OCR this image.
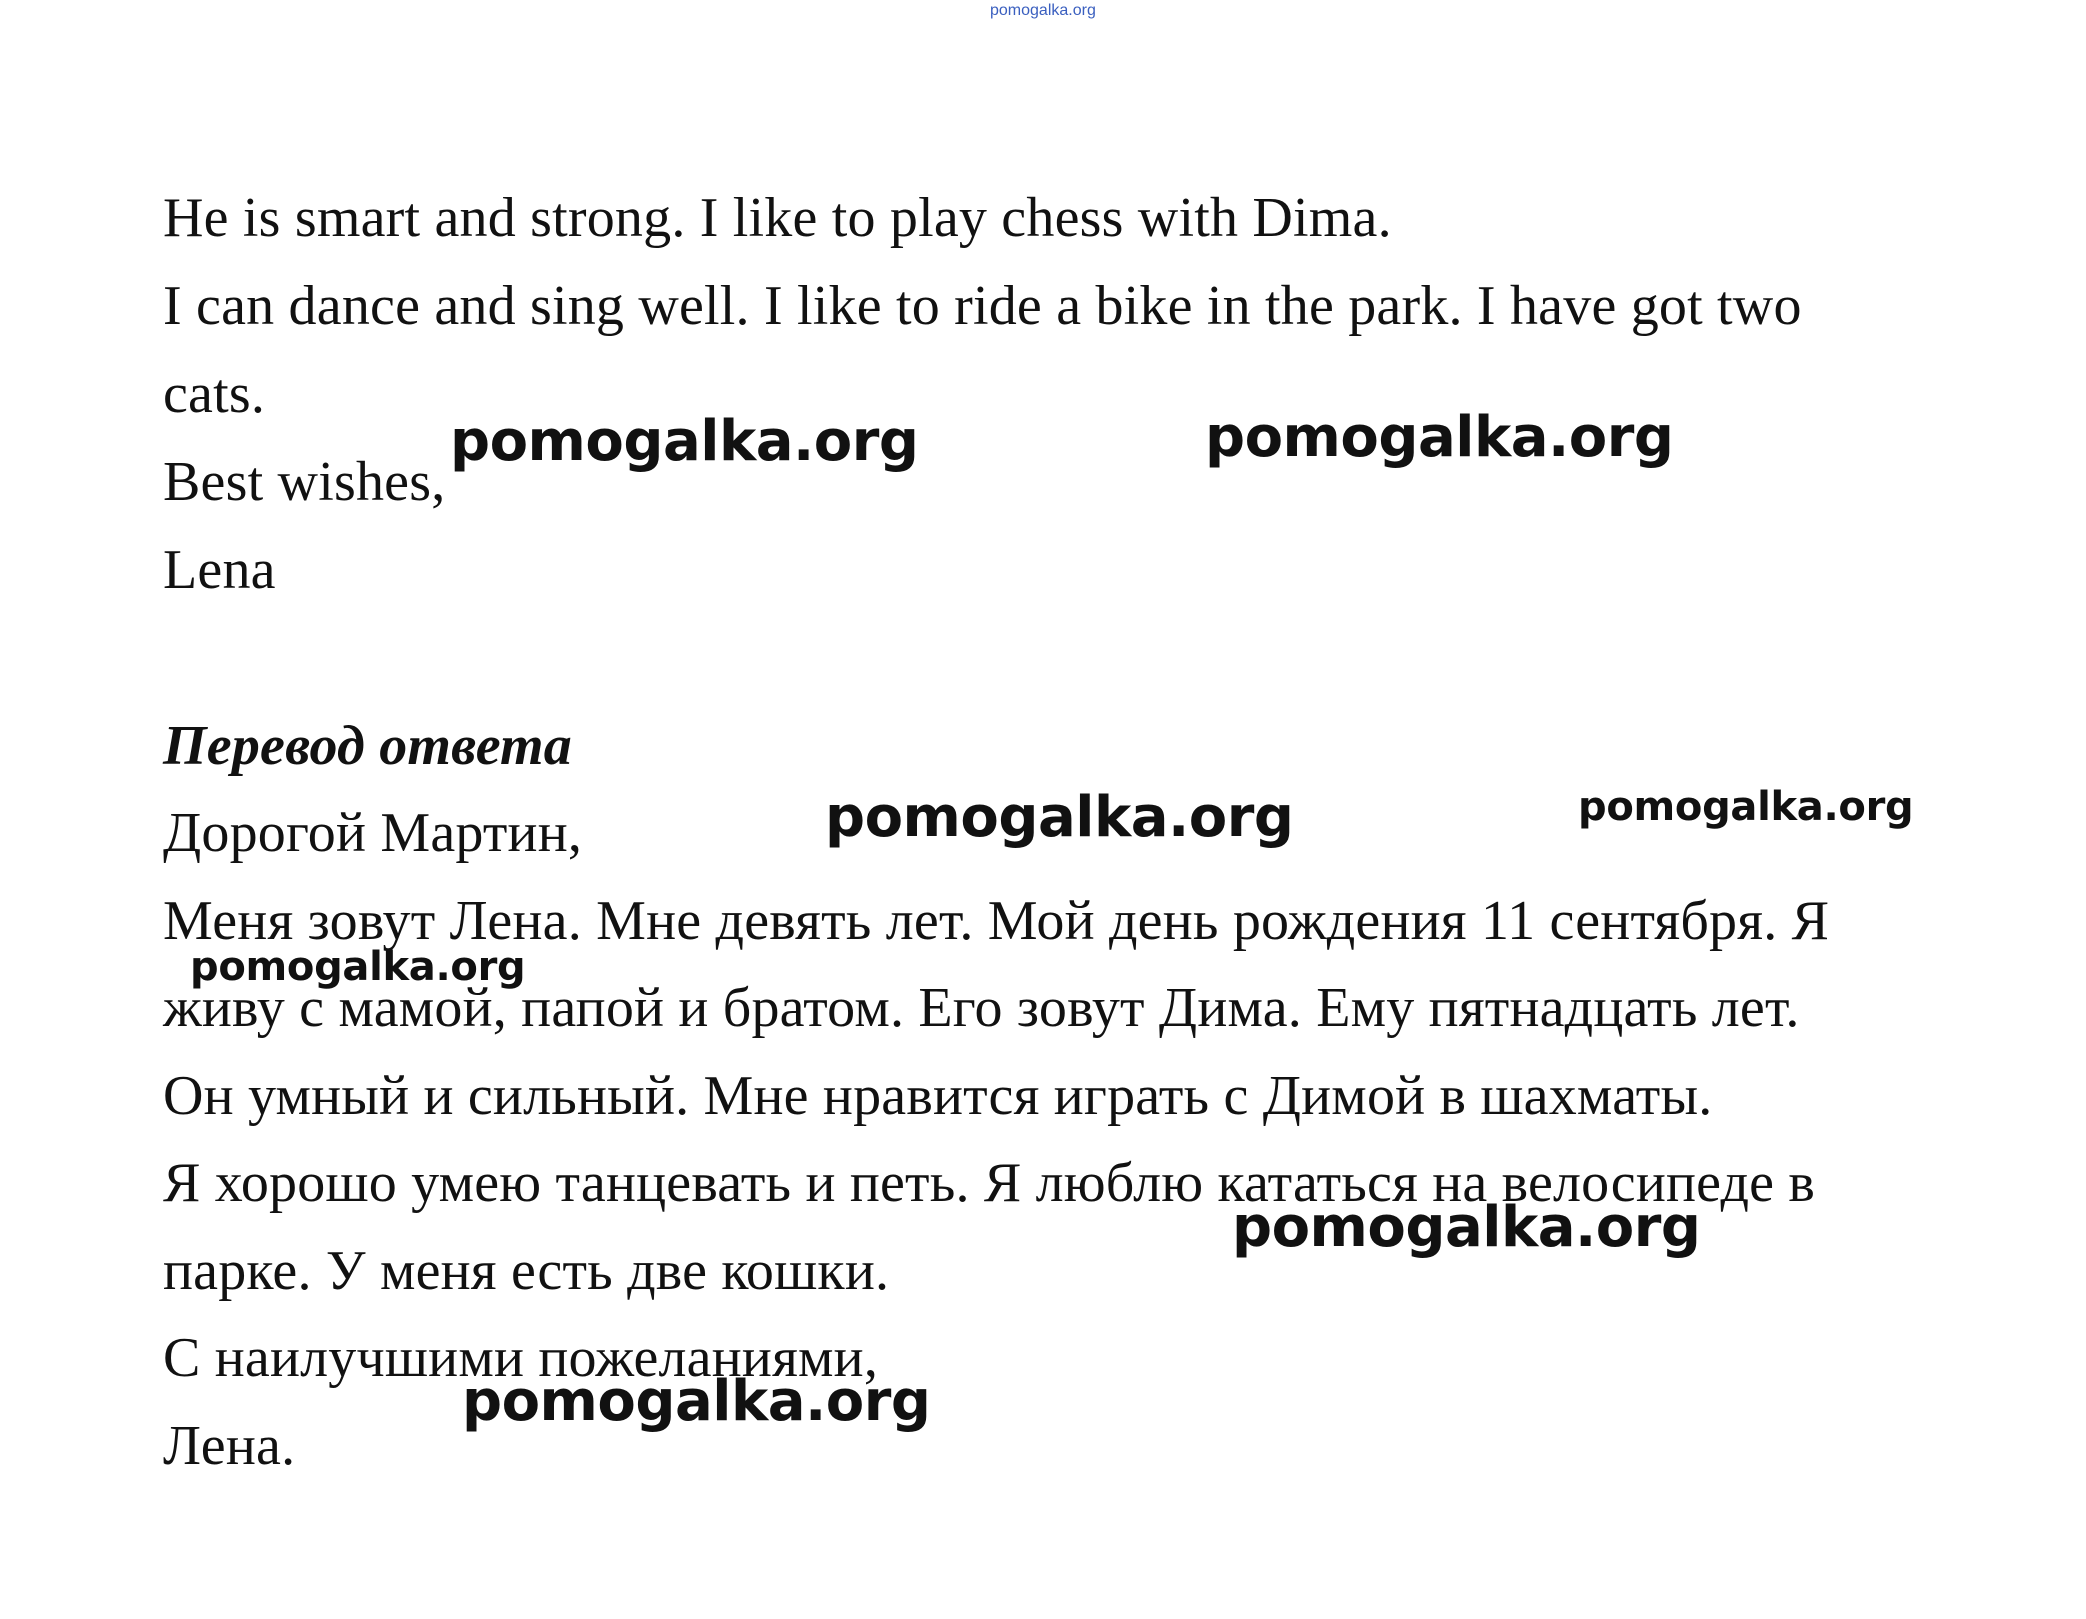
pomogalka.org
He is smart and strong. I like to play chess with Dima.
I can dance and sing well. I like to ride a bike in the park. I have got two
cats.
Best wishes,
Lena
Перевод ответа
Дорогой Мартин,
Меня зовут Лена. Мне девять лет. Мой день рождения 11 сентября. Я
живу с мамой, папой и братом. Его зовут Дима. Ему пятнадцать лет.
Он умный и сильный. Мне нравится играть с Димой в шахматы.
Я хорошо умею танцевать и петь. Я люблю кататься на велосипеде в
парке. У меня есть две кошки.
С наилучшими пожеланиями,
Лена.
pomogalka.org	pomogalka.org
pomogalka.org	pomogalka.org
pomogalka.org
pomogalka.org
pomogalka.org
